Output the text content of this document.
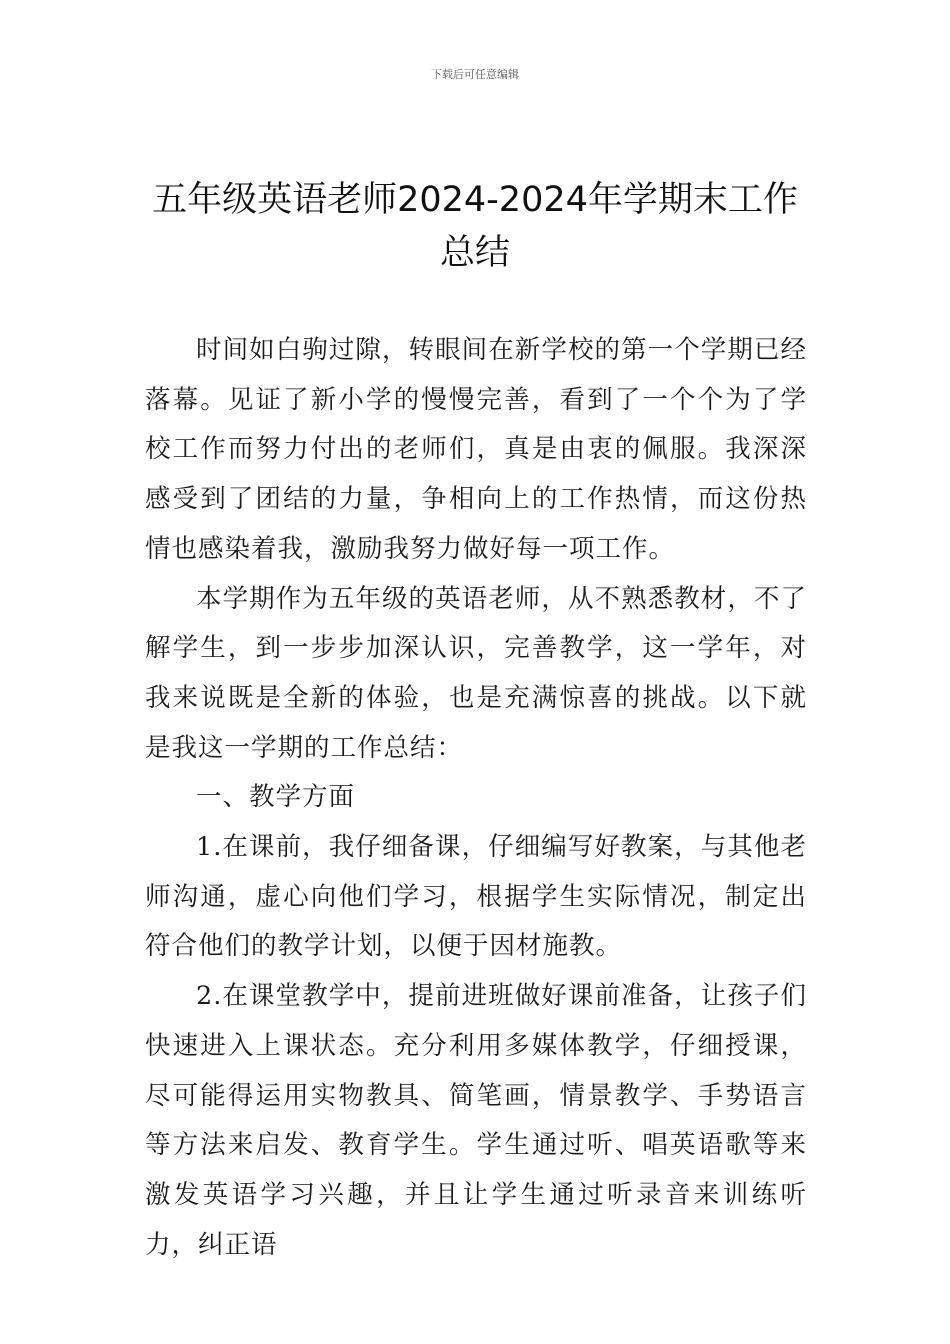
下载后可任意编辑
五年级英语老师2024-2024年学期末工作总结

时间如白驹过隙，转眼间在新学校的第一个学期已经落幕。见证了新小学的慢慢完善，看到了一个个为了学校工作而努力付出的老师们，真是由衷的佩服。我深深感受到了团结的力量，争相向上的工作热情，而这份热情也感染着我，激励我努力做好每一项工作。

本学期作为五年级的英语老师，从不熟悉教材，不了解学生，到一步步加深认识，完善教学，这一学年，对我来说既是全新的体验，也是充满惊喜的挑战。以下就是我这一学期的工作总结：

一、教学方面

1.在课前，我仔细备课，仔细编写好教案，与其他老师沟通，虚心向他们学习，根据学生实际情况，制定出符合他们的教学计划，以便于因材施教。

2.在课堂教学中，提前进班做好课前准备，让孩子们快速进入上课状态。充分利用多媒体教学，仔细授课，尽可能得运用实物教具、简笔画，情景教学、手势语言等方法来启发、教育学生。学生通过听、唱英语歌等来激发英语学习兴趣，并且让学生通过听录音来训练听力，纠正语
